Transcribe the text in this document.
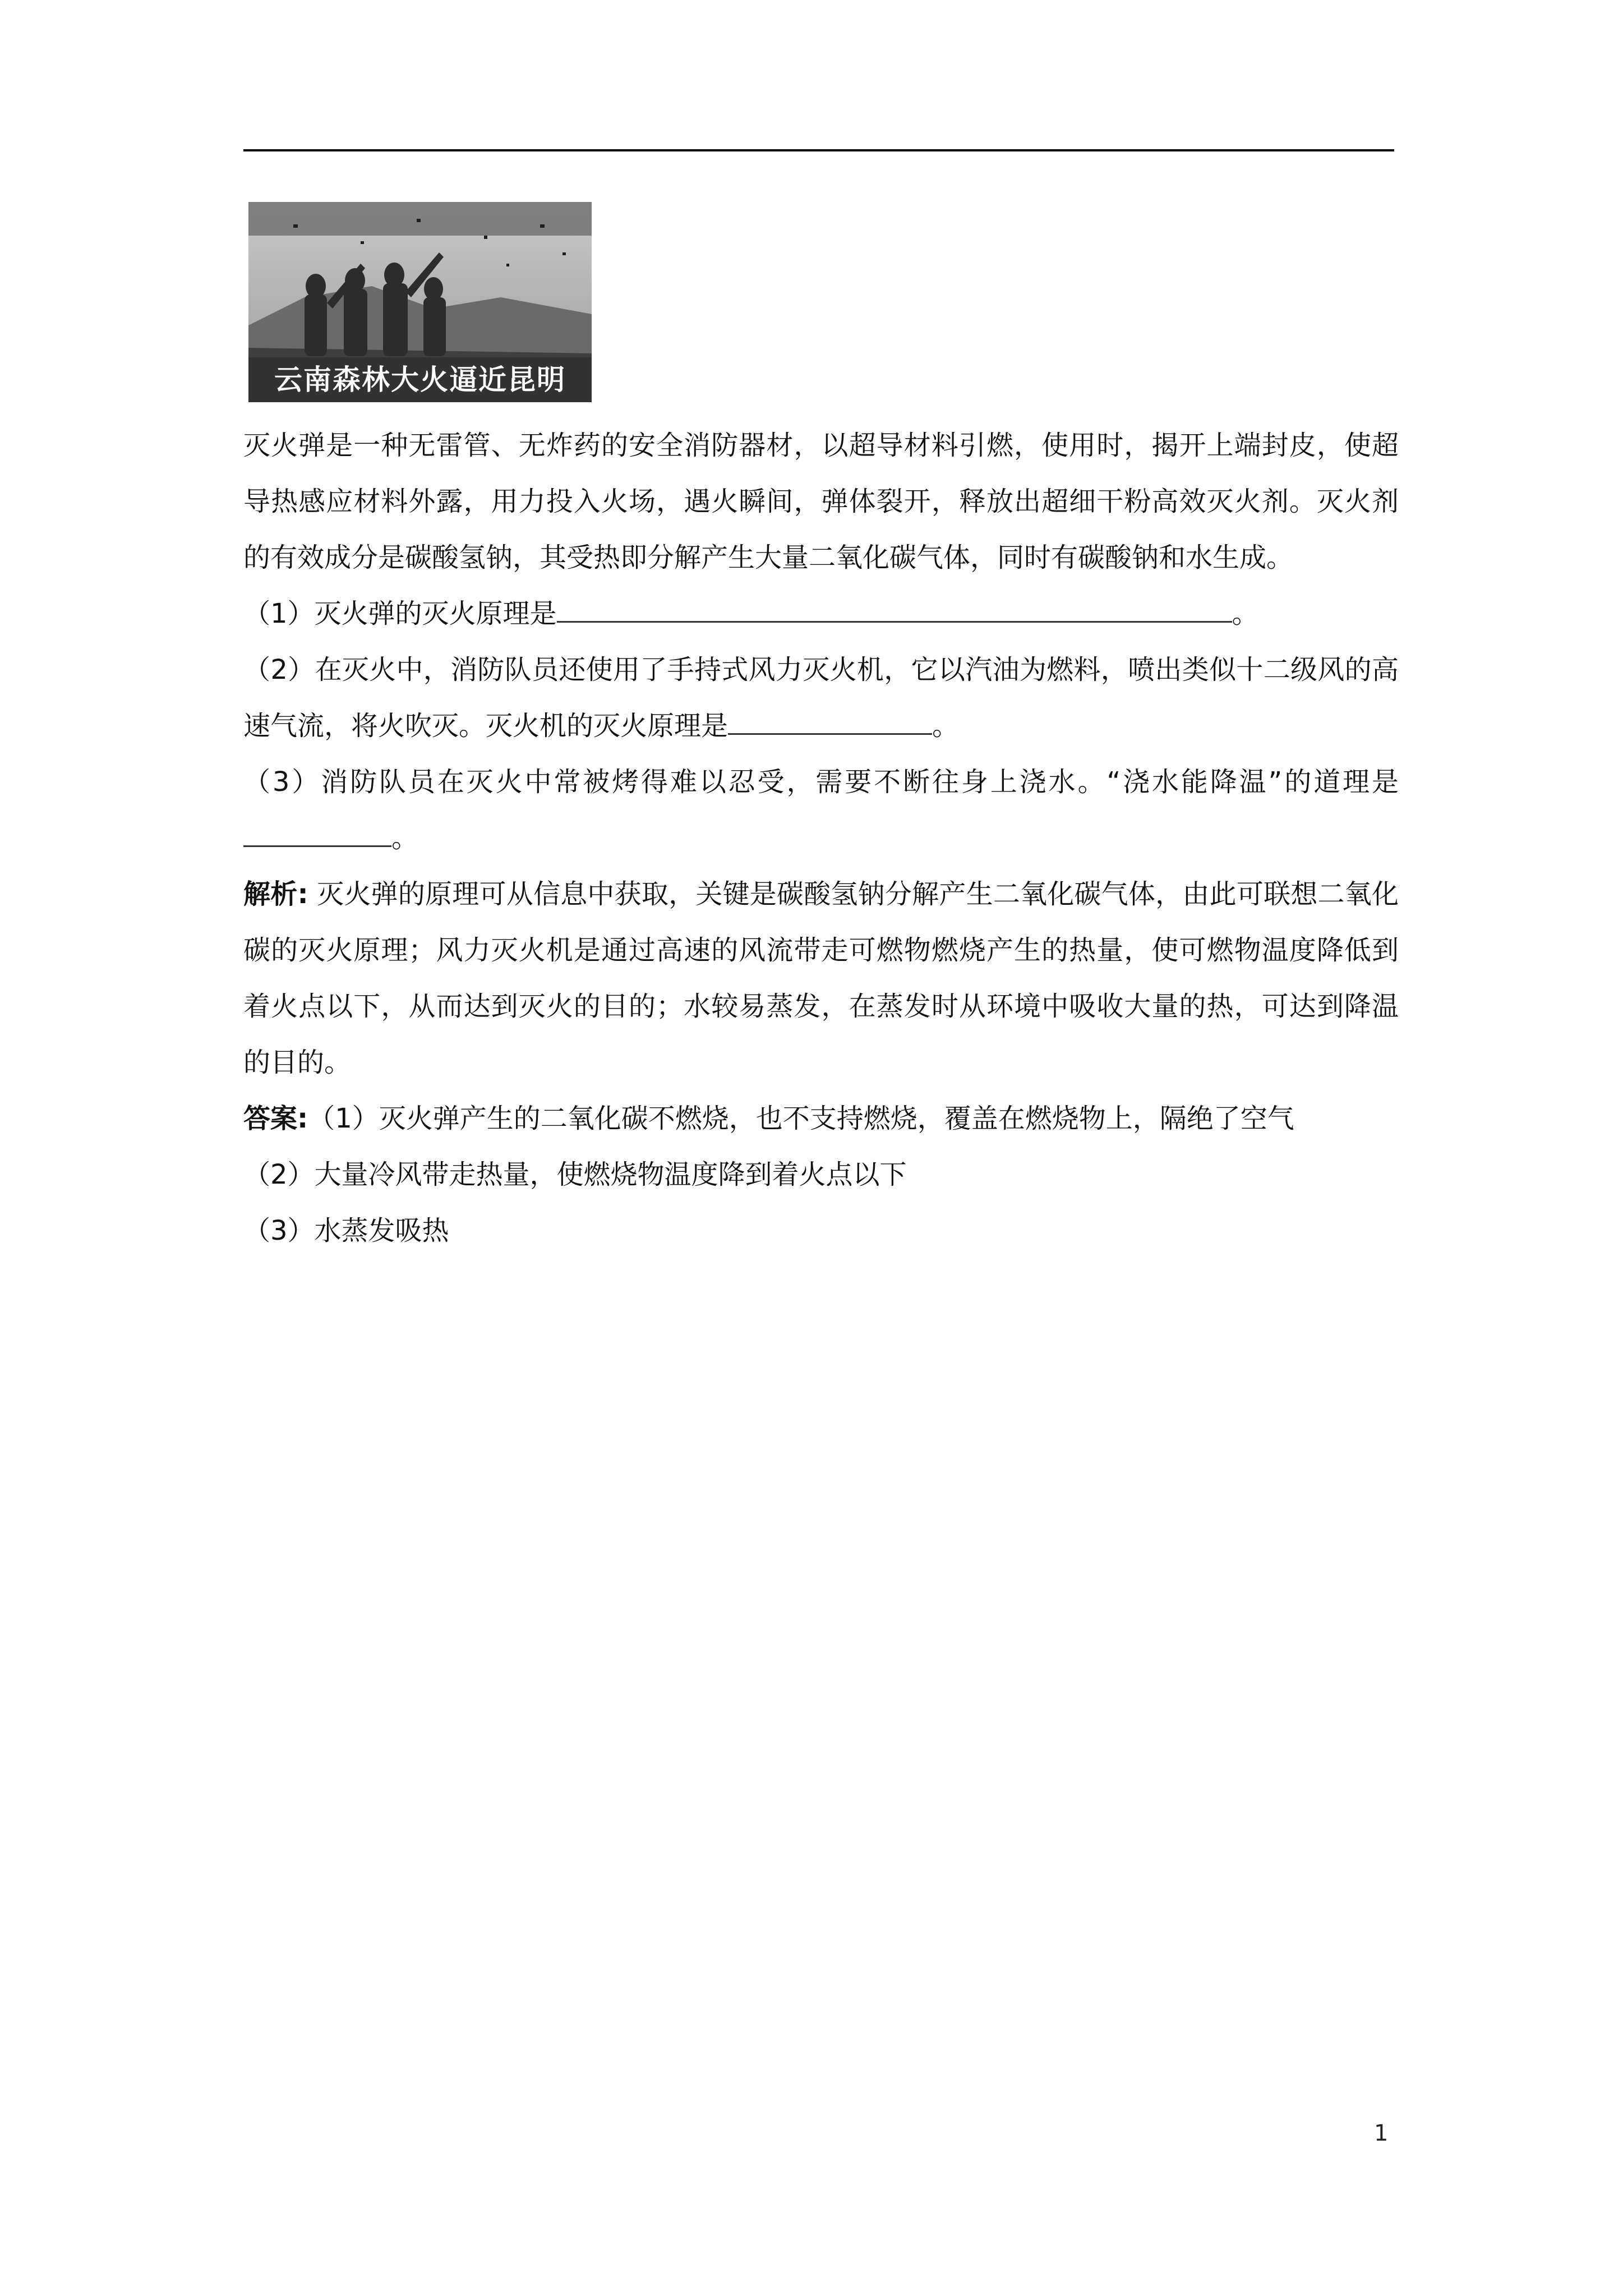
云南森林大火逼近昆明

灭火弹是一种无雷管、无炸药的安全消防器材，以超导材料引燃，使用时，揭开上端封皮，使超导热感应材料外露，用力投入火场，遇火瞬间，弹体裂开，释放出超细干粉高效灭火剂。灭火剂的有效成分是碳酸氢钠，其受热即分解产生大量二氧化碳气体，同时有碳酸钠和水生成。

（1）灭火弹的灭火原理是	。

（2）在灭火中，消防队员还使用了手持式风力灭火机，它以汽油为燃料，喷出类似十二级风的高速气流，将火吹灭。灭火机的灭火原理是	。

（3）消防队员在灭火中常被烤得难以忍受，需要不断往身上浇水。“浇水能降温”的道理是。

解析: 灭火弹的原理可从信息中获取，关键是碳酸氢钠分解产生二氧化碳气体，由此可联想二氧化碳的灭火原理；风力灭火机是通过高速的风流带走可燃物燃烧产生的热量，使可燃物温度降低到着火点以下，从而达到灭火的目的；水较易蒸发，在蒸发时从环境中吸收大量的热，可达到降温的目的。

答案:（1）灭火弹产生的二氧化碳不燃烧，也不支持燃烧，覆盖在燃烧物上，隔绝了空气

（2）大量冷风带走热量，使燃烧物温度降到着火点以下

（3）水蒸发吸热

1
